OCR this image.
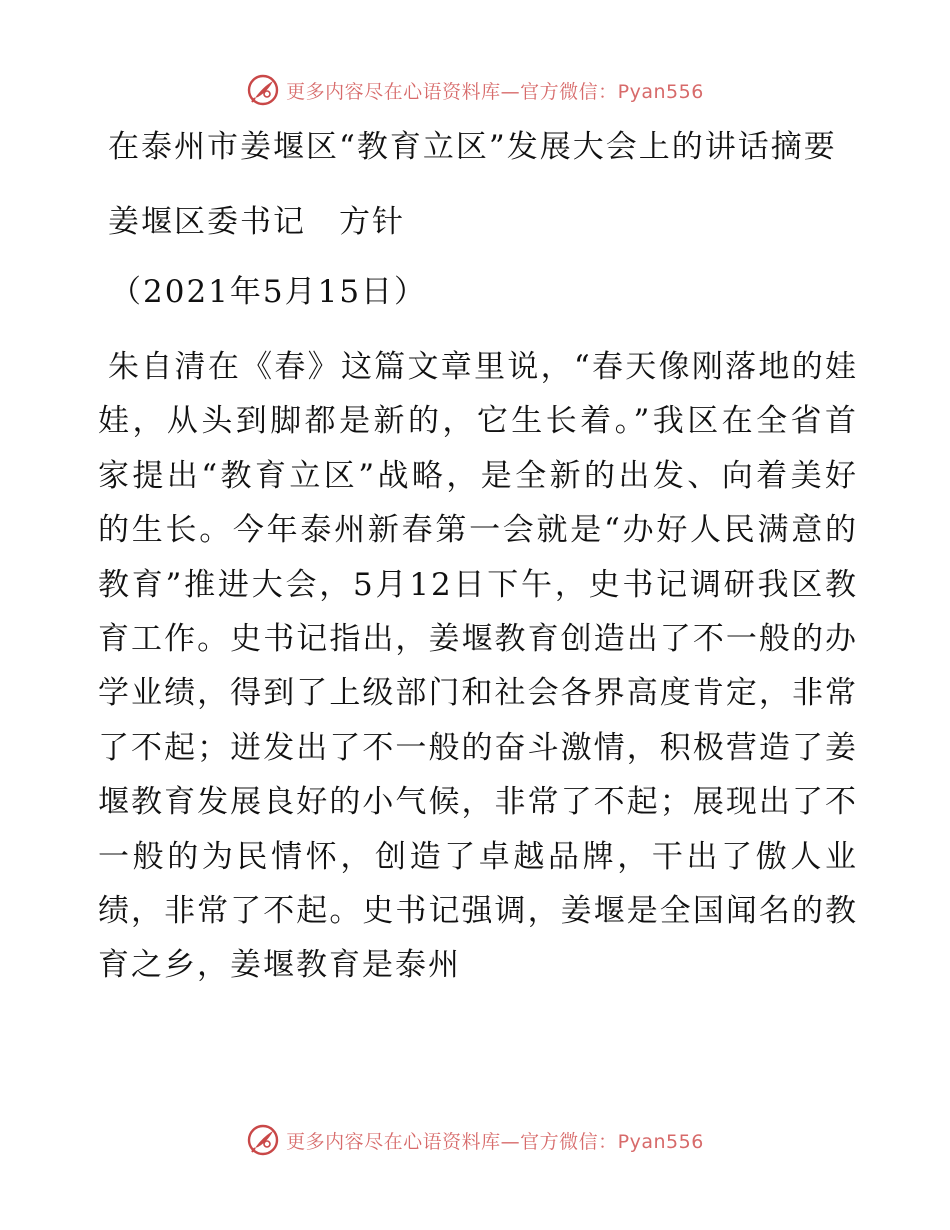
更多内容尽在心语资料库—官方微信：Pyan556
在泰州市姜堰区“教育立区”发展大会上的讲话摘要

姜堰区委书记　方针

（2021年5月15日）

朱自清在《春》这篇文章里说，“春天像刚落地的娃娃，从头到脚都是新的，它生长着。”我区在全省首家提出“教育立区”战略，是全新的出发、向着美好的生长。今年泰州新春第一会就是“办好人民满意的教育”推进大会，5月12日下午，史书记调研我区教育工作。史书记指出，姜堰教育创造出了不一般的办学业绩，得到了上级部门和社会各界高度肯定，非常了不起；迸发出了不一般的奋斗激情，积极营造了姜堰教育发展良好的小气候，非常了不起；展现出了不一般的为民情怀，创造了卓越品牌，干出了傲人业绩，非常了不起。史书记强调，姜堰是全国闻名的教育之乡，姜堰教育是泰州

更多内容尽在心语资料库—官方微信：Pyan556
